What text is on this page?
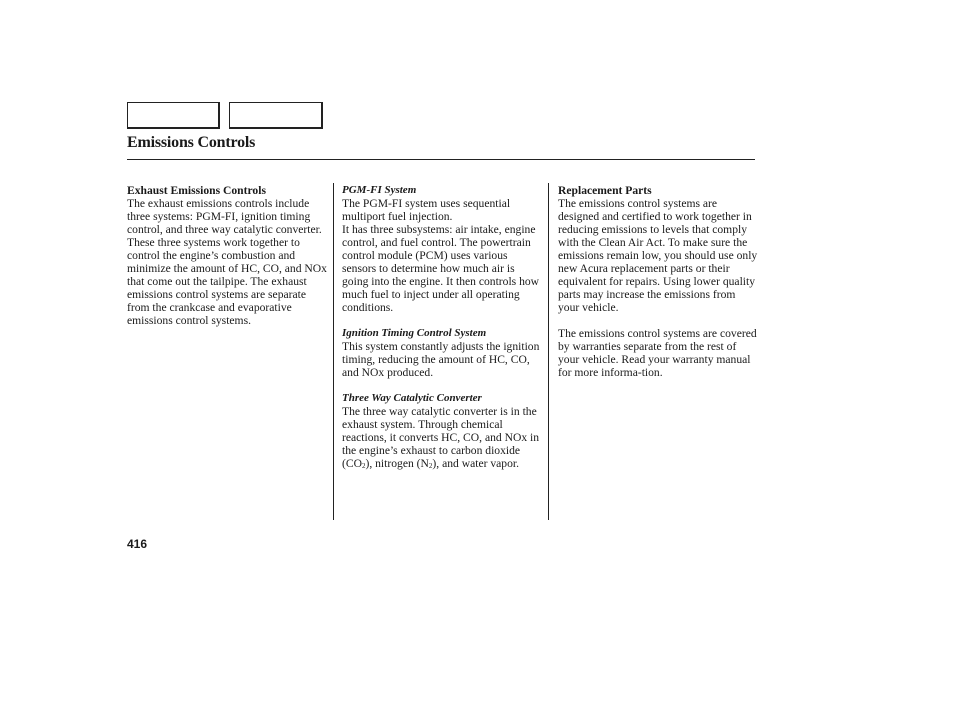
Emissions Controls

Exhaust Emissions Controls

The exhaust emissions controls include three systems: PGM-FI, ignition timing control, and three way catalytic converter. These three systems work together to control the engine’s combustion and minimize the amount of HC, CO, and NOx that come out the tailpipe. The exhaust emissions control systems are separate from the crankcase and evaporative emissions control systems.

PGM-FI System

The PGM-FI system uses sequential multiport fuel injection.

It has three subsystems: air intake, engine control, and fuel control. The powertrain control module (PCM) uses various sensors to determine how much air is going into the engine. It then controls how much fuel to inject under all operating conditions.

Ignition Timing Control System

This system constantly adjusts the ignition timing, reducing the amount of HC, CO, and NOx produced.

Three Way Catalytic Converter

The three way catalytic converter is in the exhaust system. Through chemical reactions, it converts HC, CO, and NOx in the engine’s exhaust to carbon dioxide $(CO_2)$, nitrogen $(N_2)$, and water vapor.

Replacement Parts

The emissions control systems are designed and certified to work together in reducing emissions to levels that comply with the Clean Air Act. To make sure the emissions remain low, you should use only new Acura replacement parts or their equivalent for repairs. Using lower quality parts may increase the emissions from your vehicle.

The emissions control systems are covered by warranties separate from the rest of your vehicle. Read your warranty manual for more informa-tion.

416
